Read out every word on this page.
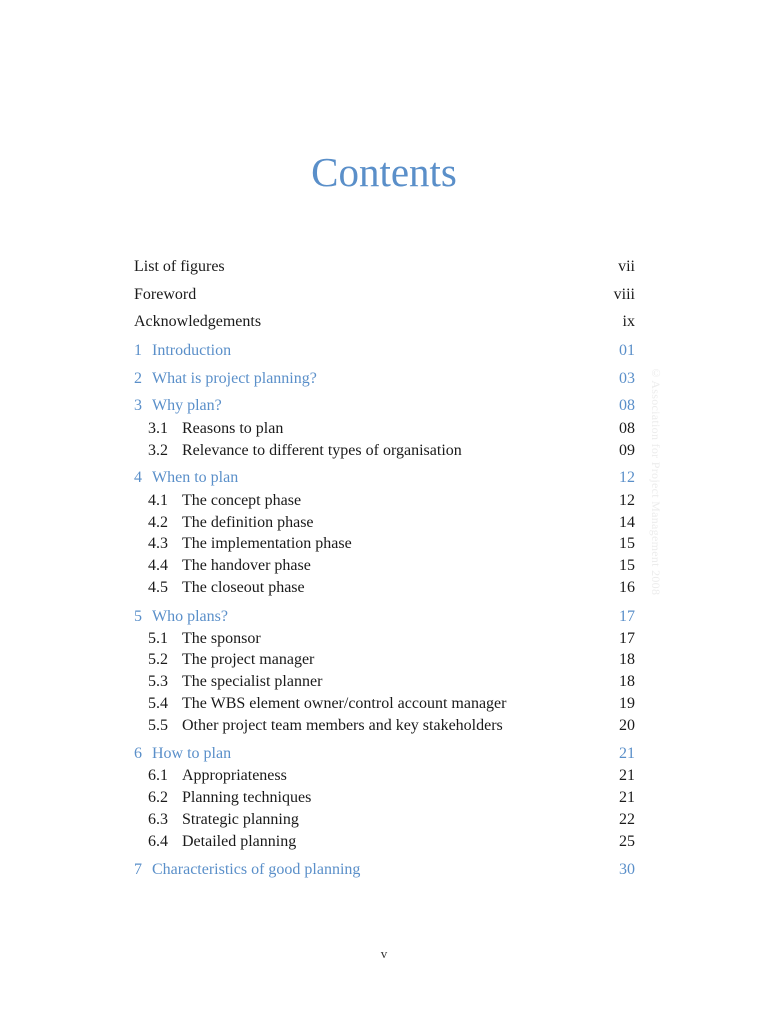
Contents
List of figures	vii
Foreword	viii
Acknowledgements	ix
1 Introduction	01
2 What is project planning?	03
3 Why plan?	08
3.1 Reasons to plan	08
3.2 Relevance to different types of organisation	09
4 When to plan	12
4.1 The concept phase	12
4.2 The definition phase	14
4.3 The implementation phase	15
4.4 The handover phase	15
4.5 The closeout phase	16
5 Who plans?	17
5.1 The sponsor	17
5.2 The project manager	18
5.3 The specialist planner	18
5.4 The WBS element owner/control account manager	19
5.5 Other project team members and key stakeholders	20
6 How to plan	21
6.1 Appropriateness	21
6.2 Planning techniques	21
6.3 Strategic planning	22
6.4 Detailed planning	25
7 Characteristics of good planning	30
©Association for Project Management 2008
v
